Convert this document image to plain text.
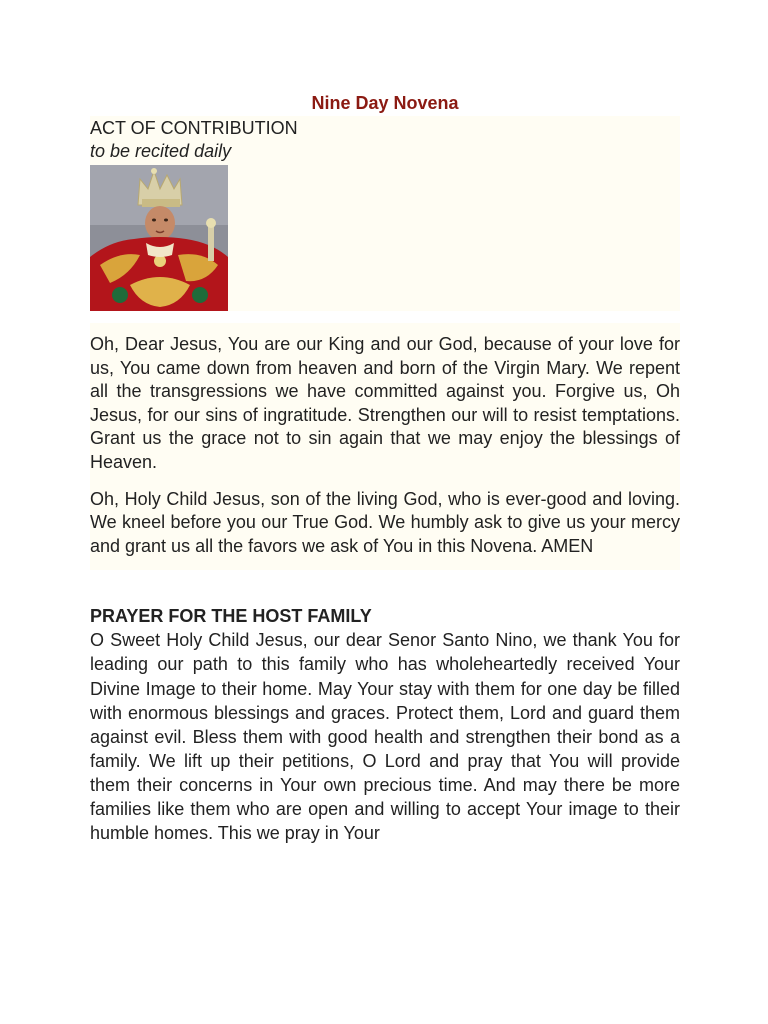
Nine Day Novena

ACT OF CONTRIBUTION

to be recited daily

Oh, Dear Jesus, You are our King and our God, because of your love for us, You came down from heaven and born of the Virgin Mary. We repent all the transgressions we have committed against you. Forgive us, Oh Jesus, for our sins of ingratitude. Strengthen our will to resist temptations. Grant us the grace not to sin again that we may enjoy the blessings of Heaven.

Oh, Holy Child Jesus, son of the living God, who is ever-good and loving. We kneel before you our True God. We humbly ask to give us your mercy and grant us all the favors we ask of You in this Novena. AMEN

PRAYER FOR THE HOST FAMILY

O Sweet Holy Child Jesus, our dear Senor Santo Nino, we thank You for leading our path to this family who has wholeheartedly received Your Divine Image to their home. May Your stay with them for one day be filled with enormous blessings and graces. Protect them, Lord and guard them against evil. Bless them with good health and strengthen their bond as a family. We lift up their petitions, O Lord and pray that You will provide them their concerns in Your own precious time. And may there be more families like them who are open and willing to accept Your image to their humble homes. This we pray in Your
